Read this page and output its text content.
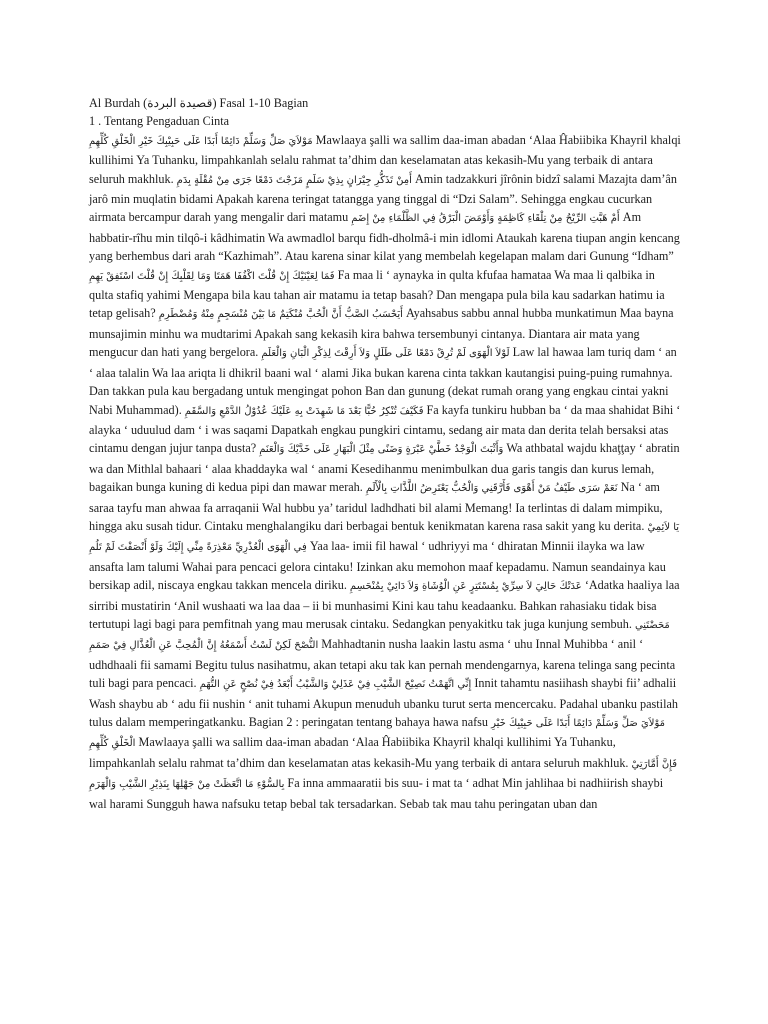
Al Burdah (قصيدة البردة) Fasal 1-10 Bagian
1 . Tentang Pengaduan Cinta
مَوْلاَيَ صَلِّ وَسَلِّمْ دَائِمًا أَبَدًا عَلَى حَبِيْبِكَ خَيْرِ الْخَلْقِ كُلِّهِمِ Mawlaaya şalli wa sallim daa-iman abadan ‘Alaa Ĥabiibika Khayril khalqi kullihimi Ya Tuhanku, limpahkanlah selalu rahmat ta’dhim dan keselamatan atas kekasih-Mu yang terbaik di antara seluruh makhluk. أَمِنْ تَذَكُّرِ جِيْرَانٍ بِذِيْ سَلَمٍ مَزَجْتَ دَمْعًا جَرَى مِنْ مُقْلَةٍ بِدَمِ Amin tadzakkuri jîrônin bidzî salami Mazajta dam’ân jarô min muqlatin bidami Apakah karena teringat tatangga yang tinggal di “Dzi Salam”. Sehingga engkau cucurkan airmata bercampur darah yang mengalir dari matamu أَمْ هَبَّتِ الرِّيْحُ مِنْ تِلْقَاءِ كَاظِمَةٍ وَأَوْمَضَ الْبَرْقُ فِي الظَّلْمَاءِ مِنْ إِضَمِ Am habbatir-rîhu min tilqô-i kâdhimatin Wa awmadlol barqu fidh-dholmâ-i min idlomi Ataukah karena tiupan angin kencang yang berhembus dari arah “Kazhimah”. Atau karena sinar kilat yang membelah kegelapan malam dari Gunung “Idham” فَمَا لِعَيْنَيْكَ إِنْ قُلْتَ اكْفُفَا هَمَتَا وَمَا لِقَلْبِكَ إِنْ قُلْتَ اسْتَفِقْ يَهِمِ Fa maa li ‘ aynayka in qulta kfufaa hamataa Wa maa li qalbika in qulta stafiq yahimi Mengapa bila kau tahan air matamu ia tetap basah? Dan mengapa pula bila kau sadarkan hatimu ia tetap gelisah? أَيَحْسَبُ الصَّبُّ أَنَّ الْحُبَّ مُنْكَتِمٌ مَا بَيْنَ مُنْسَجِمٍ مِنْهُ وَمُضْطَرِمِ Ayahsabus sabbu annal hubba munkatimun Maa bayna munsajimin minhu wa mudtarimi Apakah sang kekasih kira bahwa tersembunyi cintanya. Diantara air mata yang mengucur dan hati yang bergelora. لَوْلاَ الْهَوَى لَمْ تُرِقْ دَمْعًا عَلَى طَلَلٍ وَلاَ أَرِقْتَ لِذِكْرِ الْبَانِ وَالْعَلَمِ Law lal hawaa lam turiq dam ‘ an ‘ alaa talalin Wa laa ariqta li dhikril baani wal ‘ alami Jika bukan karena cinta takkan kautangisi puing-puing rumahnya. Dan takkan pula kau bergadang untuk mengingat pohon Ban dan gunung (dekat rumah orang yang engkau cintai yakni Nabi Muhammad). فَكَيْفَ تُنْكِرُ حُبًّا بَعْدَ مَا شَهِدَتْ بِهِ عَلَيْكَ عُدُوْلُ الدَّمْعِ وَالسَّقَمِ Fa kayfa tunkiru hubban ba ‘ da maa shahidat Bihi ‘ alayka ‘ uduulud dam ‘ i was saqami Dapatkah engkau pungkiri cintamu, sedang air mata dan derita telah bersaksi atas cintamu dengan jujur tanpa dusta? وَأَثْبَتَ الْوَجْدُ خَطَّيْ عَبْرَةٍ وَضَنًى مِثْلَ الْبَهَارِ عَلَى خَدَّيْكَ وَالْعَنَمِ Wa athbatal wajdu khaţţay ‘ abratin wa dan Mithlal bahaari ‘ alaa khaddayka wal ‘ anami Kesedihanmu menimbulkan dua garis tangis dan kurus lemah, bagaikan bunga kuning di kedua pipi dan mawar merah. نَعَمْ سَرَى طَيْفُ مَنْ أَهْوَى فَأَرَّقَنِي وَالْحُبُّ يَعْتَرِضُ اللَّذَّاتِ بِالْأَلَمِ Na ‘ am saraa tayfu man ahwaa fa arraqanii Wal hubbu ya’ taridul ladhdhati bil alami Memang! Ia terlintas di dalam mimpiku, hingga aku susah tidur. Cintaku menghalangiku dari berbagai bentuk kenikmatan karena rasa sakit yang ku derita. يَا لاَئِمِيْ فِي الْهَوَى الْعُذْرِيِّ مَعْذِرَةً مِنِّي إِلَيْكَ وَلَوْ أَنْصَفْتَ لَمْ تَلُمِ Yaa laa- imii fil hawal ‘ udhriyyi ma ‘ dhiratan Minnii ilayka wa law ansafta lam talumi Wahai para pencaci gelora cintaku! Izinkan aku memohon maaf kepadamu. Namun seandainya kau bersikap adil, niscaya engkau takkan mencela diriku. عَدَتْكَ حَالِيَ لاَ سِرِّيْ بِمُسْتَتِرٍ عَنِ الْوُشَاةِ وَلاَ دَائِيْ بِمُنْحَسِمِ ‘Adatka haaliya laa sirribi mustatirin ‘Anil wushaati wa laa daa – ii bi munhasimi Kini kau tahu keadaanku. Bahkan rahasiaku tidak bisa tertutupi lagi bagi para pemfitnah yang mau merusak cintaku. Sedangkan penyakitku tak juga kunjung sembuh. مَحَضْتَنِي النُّصْحَ لَكِنْ لَسْتُ أَسْمَعُهُ إِنَّ الْمُحِبَّ عَنِ الْعُذَّالِ فِيْ صَمَمِ Mahhadtanin nusha laakin lastu asma ‘ uhu Innal Muhibba ‘ anil ‘ udhdhaali fii samami Begitu tulus nasihatmu, akan tetapi aku tak kan pernah mendengarnya, karena telinga sang pecinta tuli bagi para pencaci. إِنِّي اتَّهَمْتُ نَصِيْحَ الشَّيْبِ فِيْ عَذَلِيْ وَالشَّيْبُ أَبْعَدُ فِيْ نُصْحٍ عَنِ التُّهَمِ Innit tahamtu nasiihash shaybi fii’ adhalii Wash shaybu ab ‘ adu fii nushin ‘ anit tuhami Akupun menuduh ubanku turut serta mencercaku. Padahal ubanku pastilah tulus dalam memperingatkanku. Bagian 2 : peringatan tentang bahaya hawa nafsu مَوْلاَيَ صَلِّ وَسَلِّمْ دَائِمًا أَبَدًا عَلَى حَبِيْبِكَ خَيْرِ الْخَلْقِ كُلِّهِمِ Mawlaaya şalli wa sallim daa-iman abadan ‘Alaa Ĥabiibika Khayril khalqi kullihimi Ya Tuhanku, limpahkanlah selalu rahmat ta’dhim dan keselamatan atas kekasih-Mu yang terbaik di antara seluruh makhluk. فَإِنَّ أَمَّارَتِيْ بِالسُّوْءِ مَا اتَّعَظَتْ مِنْ جَهْلِهَا بِنَذِيْرِ الشَّيْبِ وَالْهَرَمِ Fa inna ammaaratii bis suu- i mat ta ‘ adhat Min jahlihaa bi nadhiirish shaybi wal harami Sungguh hawa nafsuku tetap bebal tak tersadarkan. Sebab tak mau tahu peringatan uban dan
